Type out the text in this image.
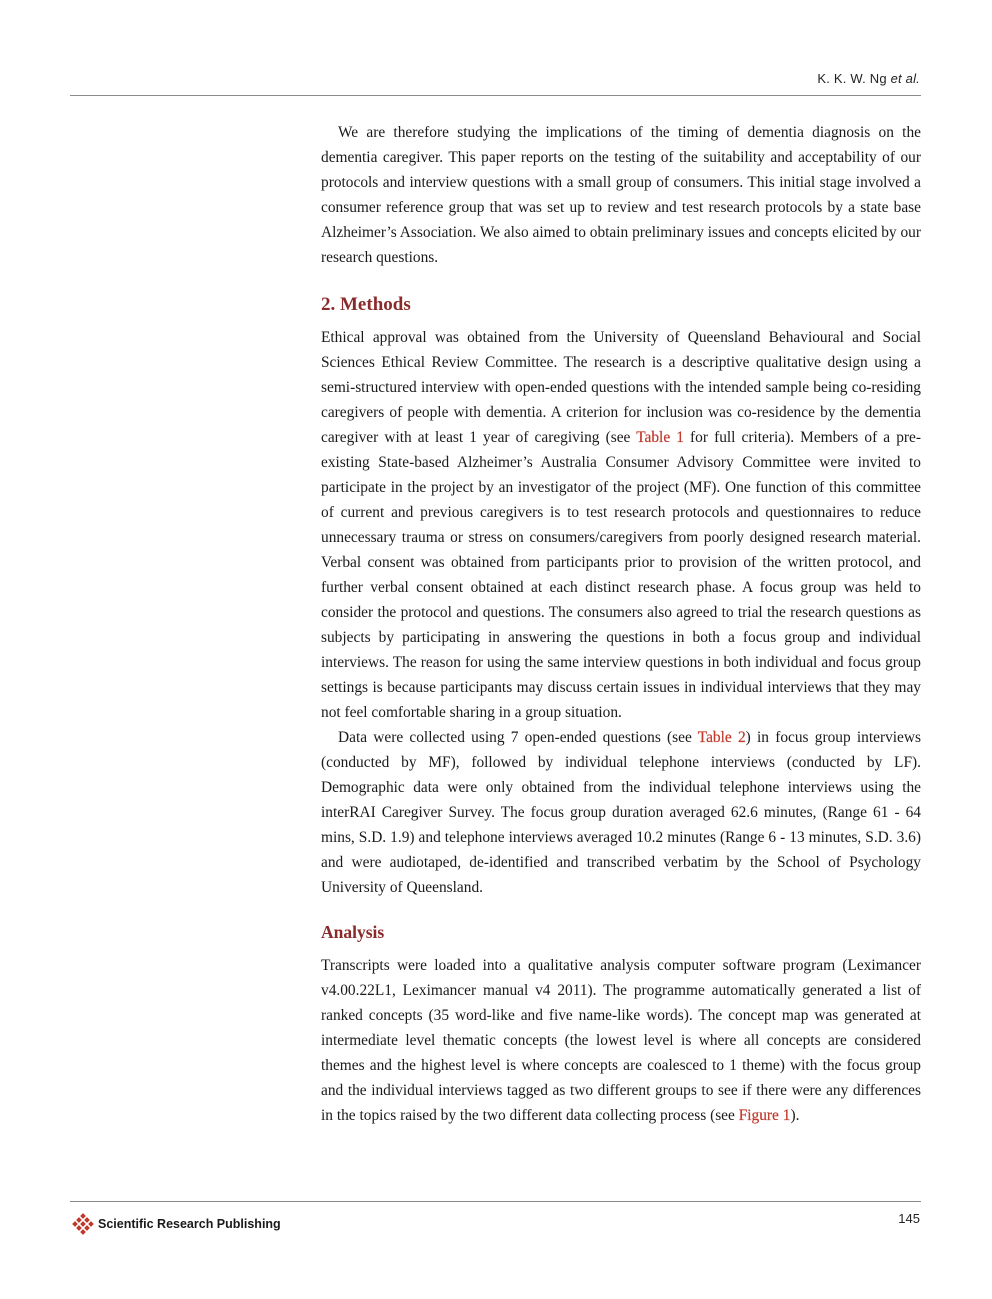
K. K. W. Ng et al.

We are therefore studying the implications of the timing of dementia diagnosis on the dementia caregiver. This paper reports on the testing of the suitability and acceptability of our protocols and interview questions with a small group of consumers. This initial stage involved a consumer reference group that was set up to review and test research protocols by a state base Alzheimer’s Association. We also aimed to obtain preliminary issues and concepts elicited by our research questions.

2. Methods

Ethical approval was obtained from the University of Queensland Behavioural and Social Sciences Ethical Review Committee. The research is a descriptive qualitative design using a semi-structured interview with open-ended questions with the intended sample being co-residing caregivers of people with dementia. A criterion for inclusion was co-residence by the dementia caregiver with at least 1 year of caregiving (see Table 1 for full criteria). Members of a pre-existing State-based Alzheimer’s Australia Consumer Advisory Committee were invited to participate in the project by an investigator of the project (MF). One function of this committee of current and previous caregivers is to test research protocols and questionnaires to reduce unnecessary trauma or stress on consumers/caregivers from poorly designed research material. Verbal consent was obtained from participants prior to provision of the written protocol, and further verbal consent obtained at each distinct research phase. A focus group was held to consider the protocol and questions. The consumers also agreed to trial the research questions as subjects by participating in answering the questions in both a focus group and individual interviews. The reason for using the same interview questions in both individual and focus group settings is because participants may discuss certain issues in individual interviews that they may not feel comfortable sharing in a group situation.

Data were collected using 7 open-ended questions (see Table 2) in focus group interviews (conducted by MF), followed by individual telephone interviews (conducted by LF). Demographic data were only obtained from the individual telephone interviews using the interRAI Caregiver Survey. The focus group duration averaged 62.6 minutes, (Range 61 - 64 mins, S.D. 1.9) and telephone interviews averaged 10.2 minutes (Range 6 - 13 minutes, S.D. 3.6) and were audiotaped, de-identified and transcribed verbatim by the School of Psychology University of Queensland.

Analysis

Transcripts were loaded into a qualitative analysis computer software program (Leximancer v4.00.22L1, Leximancer manual v4 2011). The programme automatically generated a list of ranked concepts (35 word-like and five name-like words). The concept map was generated at intermediate level thematic concepts (the lowest level is where all concepts are considered themes and the highest level is where concepts are coalesced to 1 theme) with the focus group and the individual interviews tagged as two different groups to see if there were any differences in the topics raised by the two different data collecting process (see Figure 1).

Scientific Research Publishing	145
